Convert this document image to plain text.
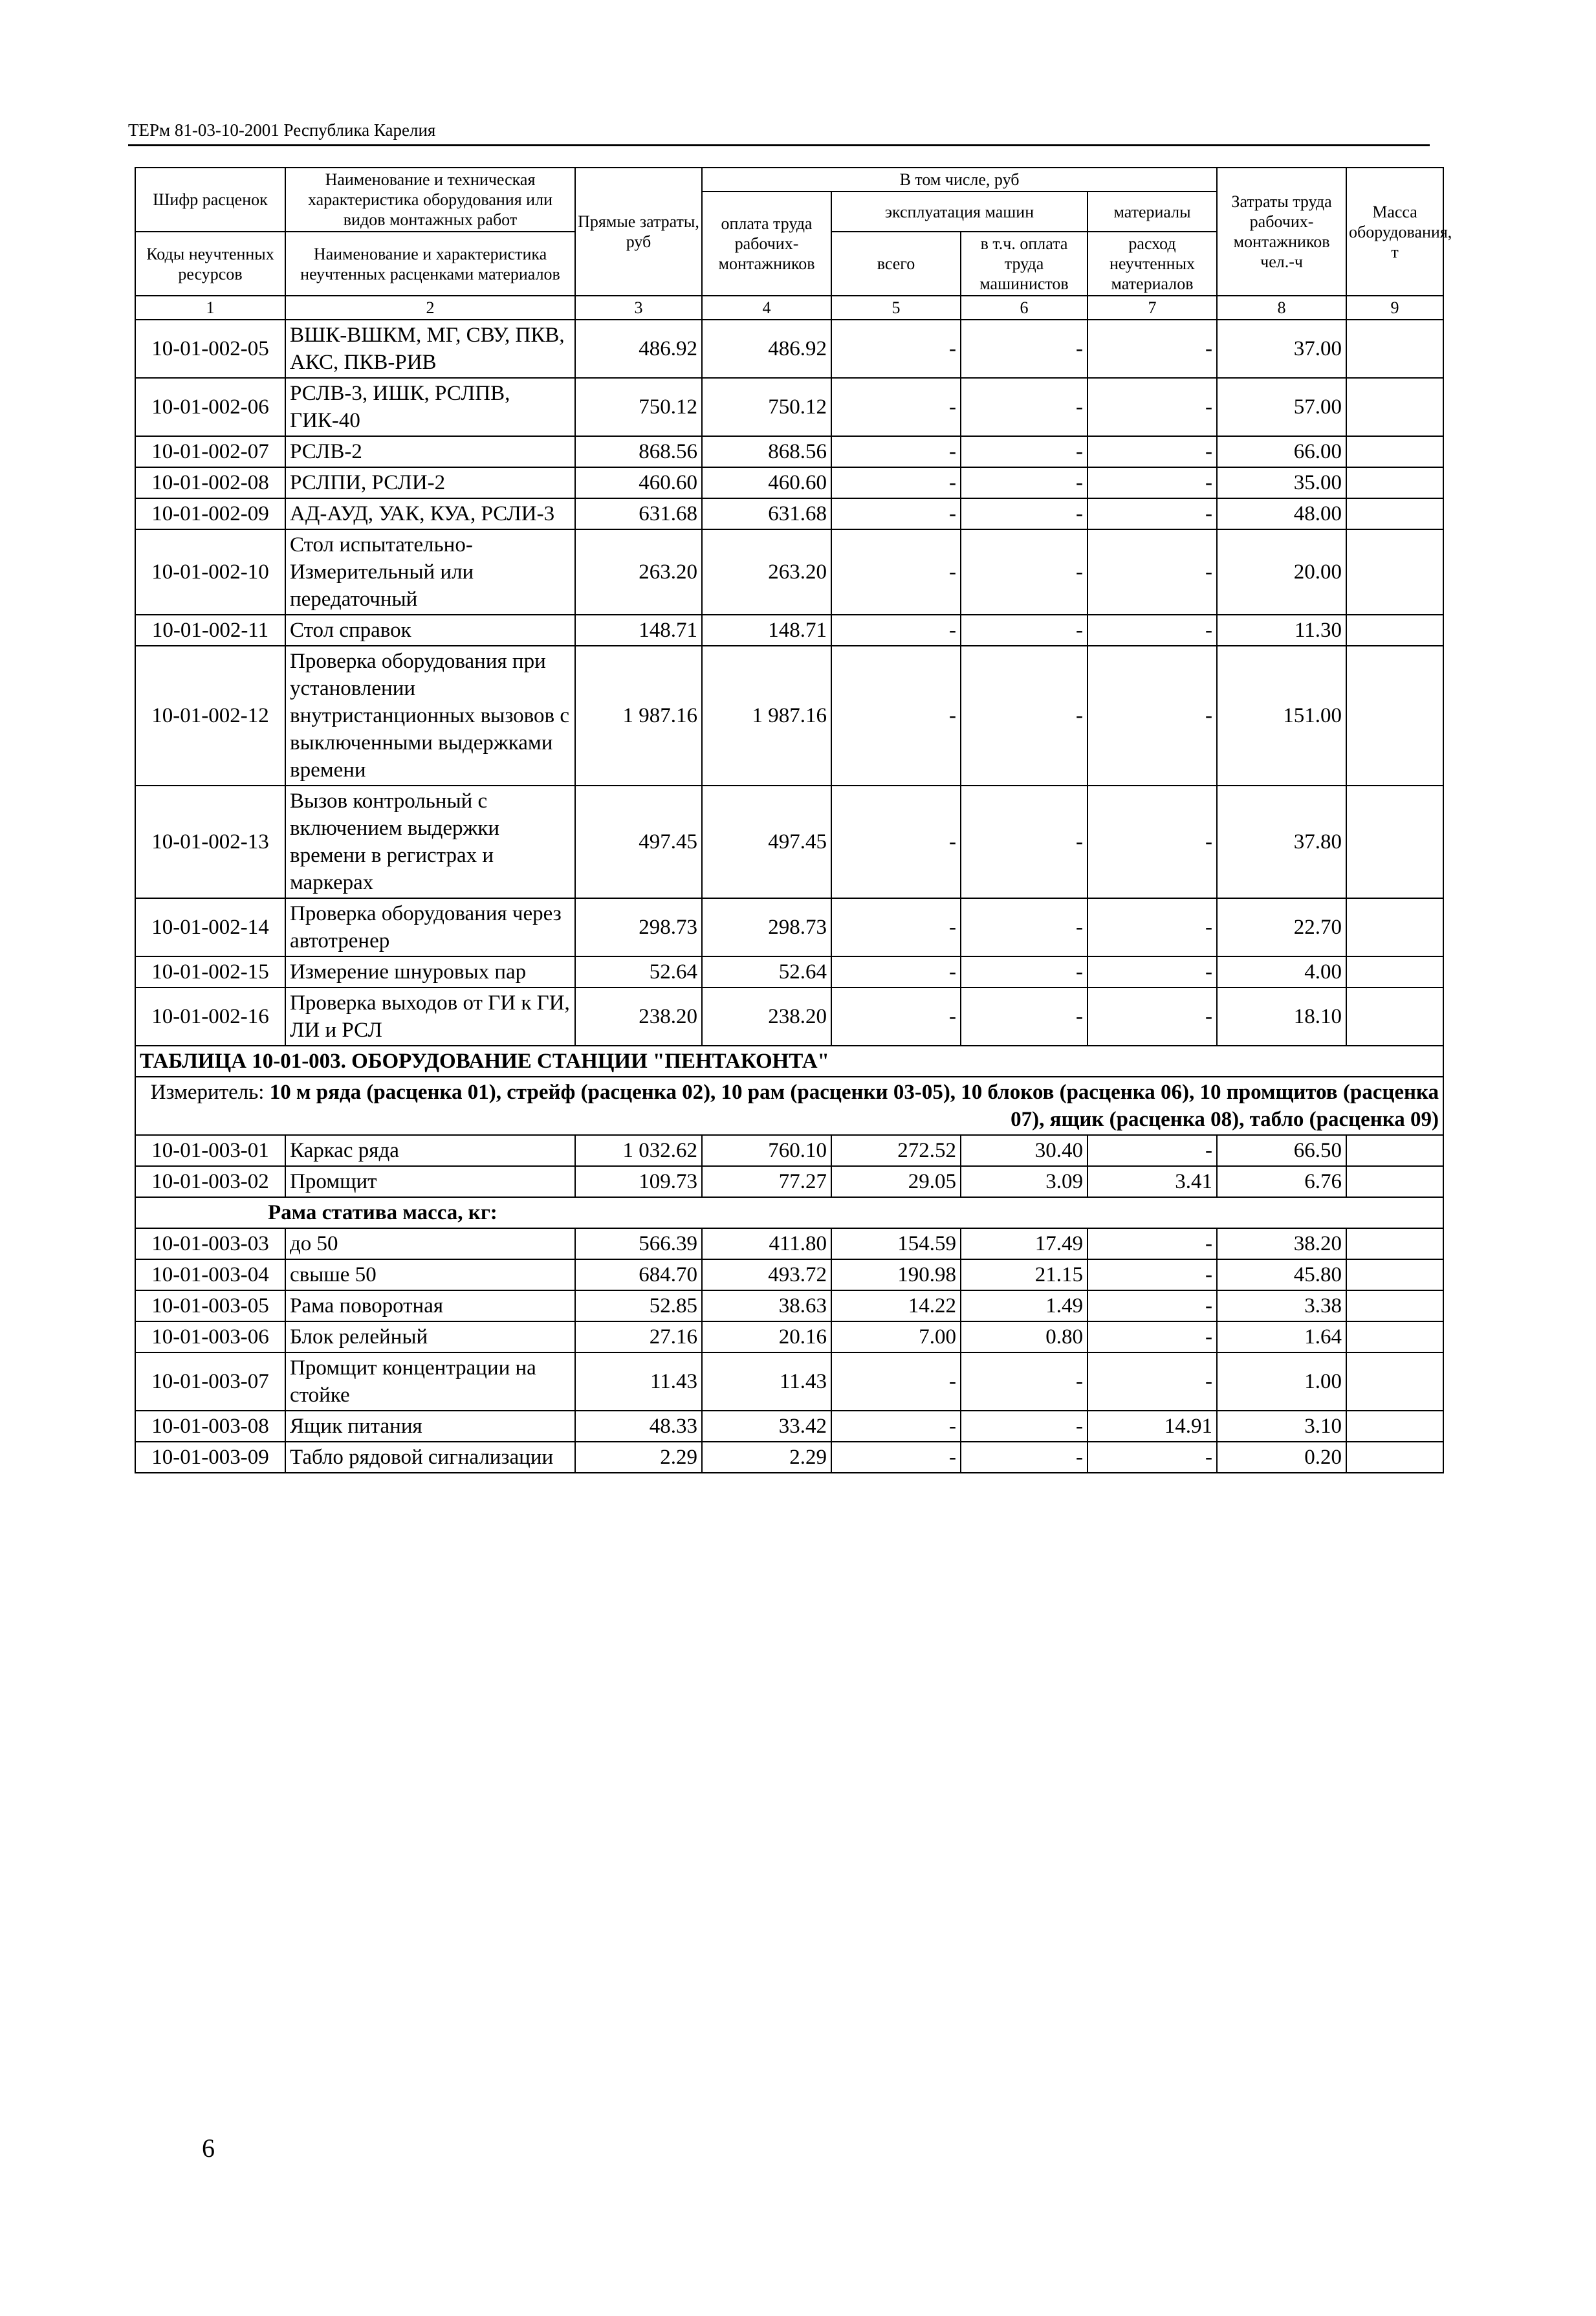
ТЕРм 81-03-10-2001 Республика Карелия
Шифр расценок	Наименование и техническая характеристика оборудования или видов монтажных работ	Прямые затраты, руб	В том числе, руб				Затраты труда рабочих-монтажников чел.-ч	Масса оборудования, т
			оплата труда рабочих-монтажников	эксплуатация машин		материалы		
Коды неучтенных ресурсов	Наименование и характеристика неучтенных расценками материалов							
				всего	в т.ч. оплата труда машинистов	расход неучтенных материалов		

1	2	3	4	5	6	7	8	9
10-01-002-05	ВШК-ВШКМ, МГ, СВУ, ПКВ, АКС, ПКВ-РИВ	486.92	486.92	-	-	-	37.00	
10-01-002-06	РСЛВ-3, ИШК, РСЛПВ, ГИК-40	750.12	750.12	-	-	-	57.00	
10-01-002-07	РСЛВ-2	868.56	868.56	-	-	-	66.00	
10-01-002-08	РСЛПИ, РСЛИ-2	460.60	460.60	-	-	-	35.00	
10-01-002-09	АД-АУД, УАК, КУА, РСЛИ-3	631.68	631.68	-	-	-	48.00	
10-01-002-10	Стол испытательно-Измерительный или передаточный	263.20	263.20	-	-	-	20.00	
10-01-002-11	Стол справок	148.71	148.71	-	-	-	11.30	
10-01-002-12	Проверка оборудования при установлении внутристанционных вызовов с выключенными выдержками времени	1 987.16	1 987.16	-	-	-	151.00	
10-01-002-13	Вызов контрольный с включением выдержки времени в регистрах и маркерах	497.45	497.45	-	-	-	37.80	
10-01-002-14	Проверка оборудования через автотренер	298.73	298.73	-	-	-	22.70	
10-01-002-15	Измерение шнуровых пар	52.64	52.64	-	-	-	4.00	
10-01-002-16	Проверка выходов от ГИ к ГИ, ЛИ и РСЛ	238.20	238.20	-	-	-	18.10	
ТАБЛИЦА 10-01-003. ОБОРУДОВАНИЕ СТАНЦИИ "ПЕНТАКОНТА"								
Измеритель: 10 м ряда (расценка 01), стрейф (расценка 02), 10 рам (расценки 03-05), 10 блоков (расценка 06), 10 промщитов (расценка 07), ящик (расценка 08), табло (расценка 09)								
10-01-003-01	Каркас ряда	1 032.62	760.10	272.52	30.40	-	66.50	
10-01-003-02	Промщит	109.73	77.27	29.05	3.09	3.41	6.76	
Рама статива масса, кг:								
10-01-003-03	до 50	566.39	411.80	154.59	17.49	-	38.20	
10-01-003-04	свыше 50	684.70	493.72	190.98	21.15	-	45.80	
10-01-003-05	Рама поворотная	52.85	38.63	14.22	1.49	-	3.38	
10-01-003-06	Блок релейный	27.16	20.16	7.00	0.80	-	1.64	
10-01-003-07	Промщит концентрации на стойке	11.43	11.43	-	-	-	1.00	
10-01-003-08	Ящик питания	48.33	33.42	-	-	14.91	3.10	
10-01-003-09	Табло рядовой сигнализации	2.29	2.29	-	-	-	0.20	
6
